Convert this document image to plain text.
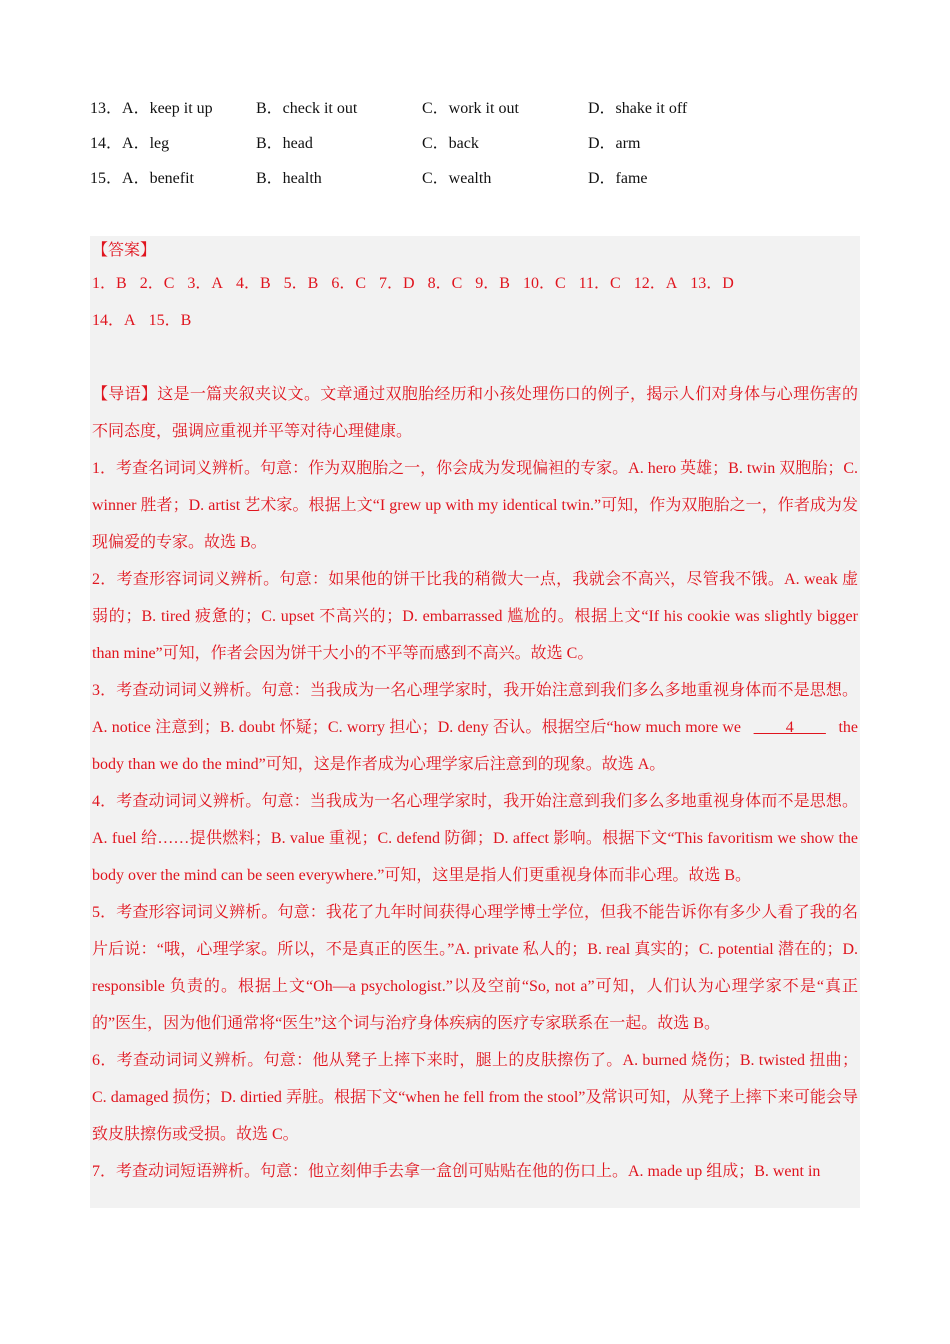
13．A．keep it up	B．check it out	C．work it out	D．shake it off
14．A．leg	B．head	C．back	D．arm
15．A．benefit	B．health	C．wealth	D．fame
【答案】
1．B 2．C 3．A 4．B 5．B 6．C 7．D 8．C 9．B 10．C 11．C 12．A 13．D
14．A 15．B

【导语】这是一篇夹叙夹议文。文章通过双胞胎经历和小孩处理伤口的例子，揭示人们对身体与心理伤害的不同态度，强调应重视并平等对待心理健康。

1．考查名词词义辨析。句意：作为双胞胎之一，你会成为发现偏袒的专家。A. hero 英雄；B. twin 双胞胎；C. winner 胜者；D. artist 艺术家。根据上文“I grew up with my identical twin.”可知，作为双胞胎之一，作者成为发现偏爱的专家。故选 B。

2．考查形容词词义辨析。句意：如果他的饼干比我的稍微大一点，我就会不高兴，尽管我不饿。A. weak 虚弱的；B. tired 疲惫的；C. upset 不高兴的；D. embarrassed 尴尬的。根据上文“If his cookie was slightly bigger than mine”可知，作者会因为饼干大小的不平等而感到不高兴。故选 C。

3．考查动词词义辨析。句意：当我成为一名心理学家时，我开始注意到我们多么多地重视身体而不是思想。A. notice 注意到；B. doubt 怀疑；C. worry 担心；D. deny 否认。根据空后“how much more we ____4____ the body than we do the mind”可知，这是作者成为心理学家后注意到的现象。故选 A。

4．考查动词词义辨析。句意：当我成为一名心理学家时，我开始注意到我们多么多地重视身体而不是思想。A. fuel 给……提供燃料；B. value 重视；C. defend 防御；D. affect 影响。根据下文“This favoritism we show the body over the mind can be seen everywhere.”可知，这里是指人们更重视身体而非心理。故选 B。

5．考查形容词词义辨析。句意：我花了九年时间获得心理学博士学位，但我不能告诉你有多少人看了我的名片后说：“哦，心理学家。所以，不是真正的医生。”A. private 私人的；B. real 真实的；C. potential 潜在的；D. responsible 负责的。根据上文“Oh—a psychologist.”以及空前“So, not a”可知，人们认为心理学家不是“真正的”医生，因为他们通常将“医生”这个词与治疗身体疾病的医疗专家联系在一起。故选 B。

6．考查动词词义辨析。句意：他从凳子上摔下来时，腿上的皮肤擦伤了。A. burned 烧伤；B. twisted 扭曲；C. damaged 损伤；D. dirtied 弄脏。根据下文“when he fell from the stool”及常识可知，从凳子上摔下来可能会导致皮肤擦伤或受损。故选 C。

7．考查动词短语辨析。句意：他立刻伸手去拿一盒创可贴贴在他的伤口上。A. made up 组成；B. went in
